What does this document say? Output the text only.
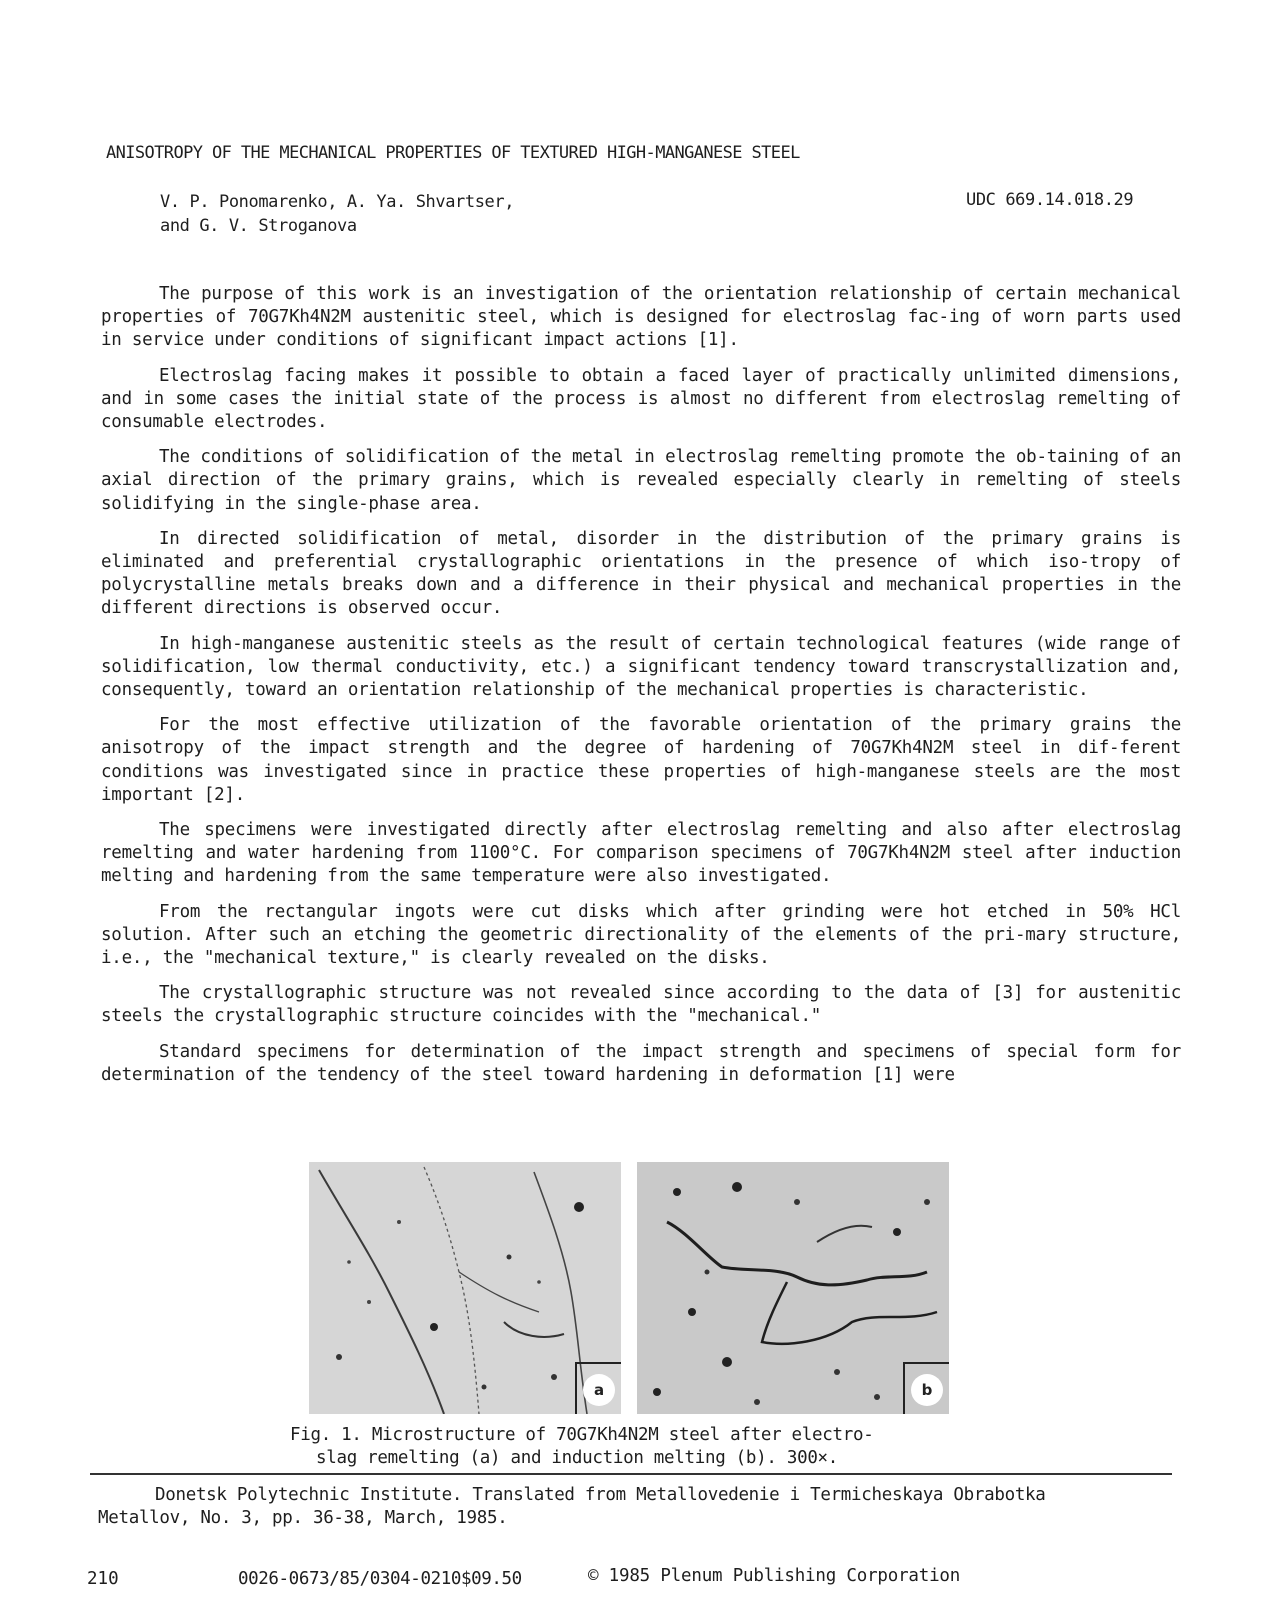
ANISOTROPY OF THE MECHANICAL PROPERTIES OF TEXTURED HIGH-MANGANESE STEEL
V. P. Ponomarenko, A. Ya. Shvartser,
and G. V. Stroganova
UDC 669.14.018.29

The purpose of this work is an investigation of the orientation relationship of certain mechanical properties of 70G7Kh4N2M austenitic steel, which is designed for electroslag fac-ing of worn parts used in service under conditions of significant impact actions [1].

Electroslag facing makes it possible to obtain a faced layer of practically unlimited dimensions, and in some cases the initial state of the process is almost no different from electroslag remelting of consumable electrodes.

The conditions of solidification of the metal in electroslag remelting promote the ob-taining of an axial direction of the primary grains, which is revealed especially clearly in remelting of steels solidifying in the single-phase area.

In directed solidification of metal, disorder in the distribution of the primary grains is eliminated and preferential crystallographic orientations in the presence of which iso-tropy of polycrystalline metals breaks down and a difference in their physical and mechanical properties in the different directions is observed occur.

In high-manganese austenitic steels as the result of certain technological features (wide range of solidification, low thermal conductivity, etc.) a significant tendency toward transcrystallization and, consequently, toward an orientation relationship of the mechanical properties is characteristic.

For the most effective utilization of the favorable orientation of the primary grains the anisotropy of the impact strength and the degree of hardening of 70G7Kh4N2M steel in dif-ferent conditions was investigated since in practice these properties of high-manganese steels are the most important [2].

The specimens were investigated directly after electroslag remelting and also after electroslag remelting and water hardening from 1100°C. For comparison specimens of 70G7Kh4N2M steel after induction melting and hardening from the same temperature were also investigated.

From the rectangular ingots were cut disks which after grinding were hot etched in 50% HCl solution. After such an etching the geometric directionality of the elements of the pri-mary structure, i.e., the "mechanical texture," is clearly revealed on the disks.

The crystallographic structure was not revealed since according to the data of [3] for austenitic steels the crystallographic structure coincides with the "mechanical."

Standard specimens for determination of the impact strength and specimens of special form for determination of the tendency of the steel toward hardening in deformation [1] were

a	b
Fig. 1. Microstructure of 70G7Kh4N2M steel after electro-
slag remelting (a) and induction melting (b). 300×.
Donetsk Polytechnic Institute. Translated from Metallovedenie i Termicheskaya Obrabotka
Metallov, No. 3, pp. 36-38, March, 1985.
210	0026-0673/85/0304-0210$09.50	© 1985 Plenum Publishing Corporation
